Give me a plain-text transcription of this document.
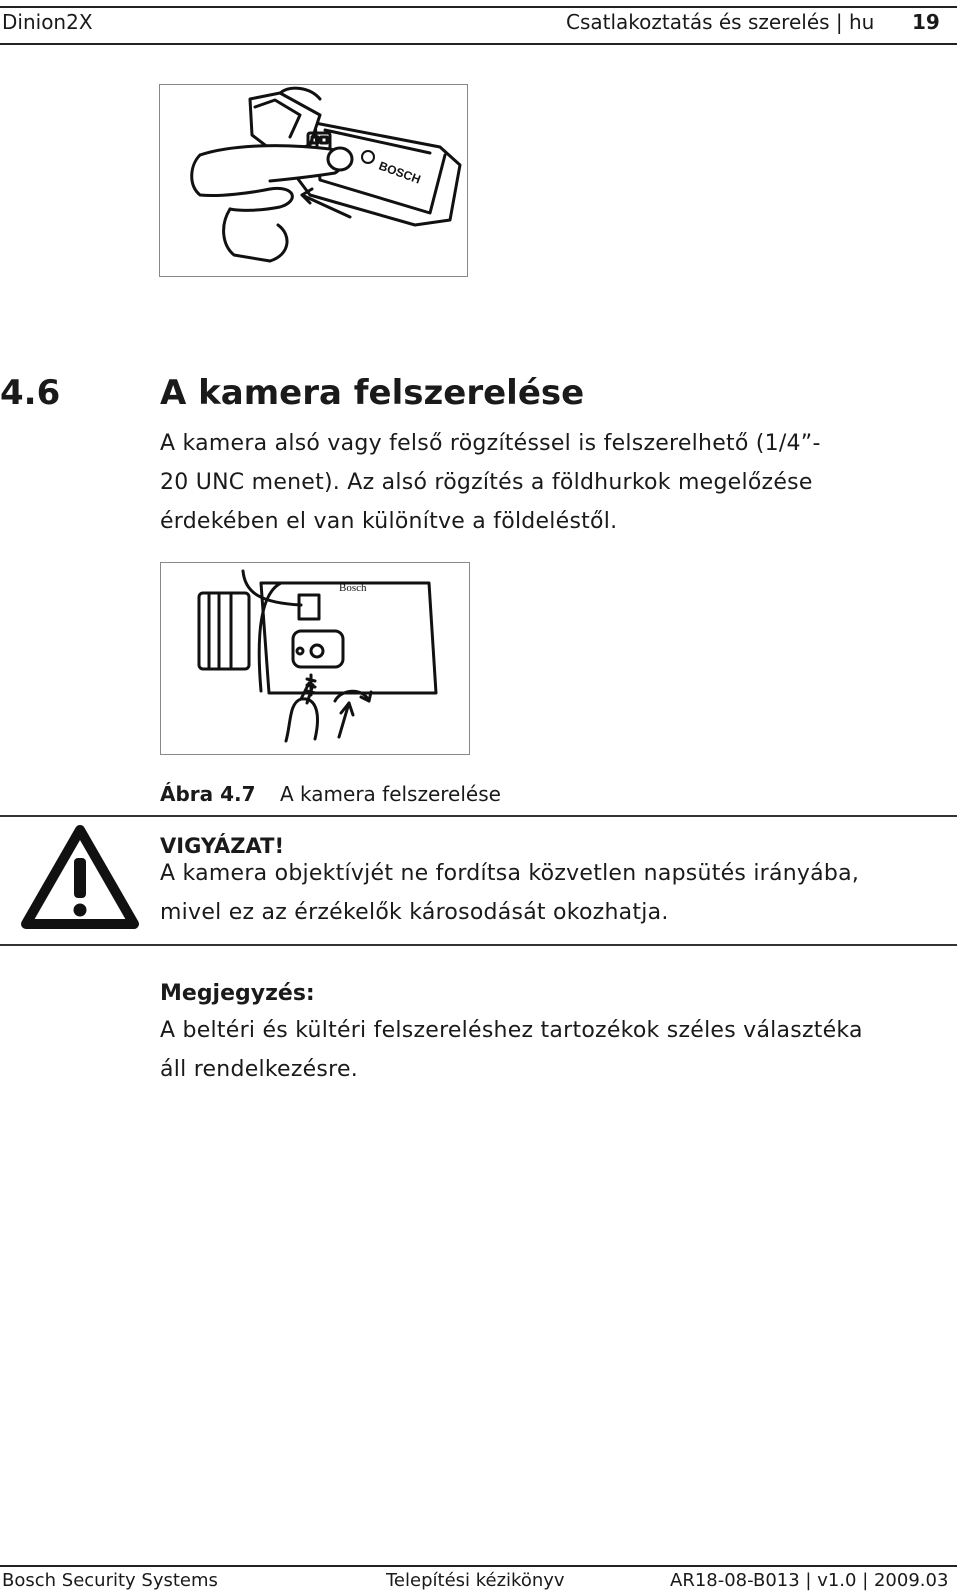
Dinion2X	Csatlakoztatás és szerelés | hu 19
BOSCH
4.6	A kamera felszerelése
A kamera alsó vagy felső rögzítéssel is felszerelhető (1/4”-
20 UNC menet). Az alsó rögzítés a földhurkok megelőzése
érdekében el van különítve a földeléstől.
Bosch
Ábra 4.7 A kamera felszerelése
VIGYÁZAT!
A kamera objektívjét ne fordítsa közvetlen napsütés irányába,
mivel ez az érzékelők károsodását okozhatja.
Megjegyzés:
A beltéri és kültéri felszereléshez tartozékok széles választéka
áll rendelkezésre.
Bosch Security Systems	Telepítési kézikönyv	AR18-08-B013 | v1.0 | 2009.03
